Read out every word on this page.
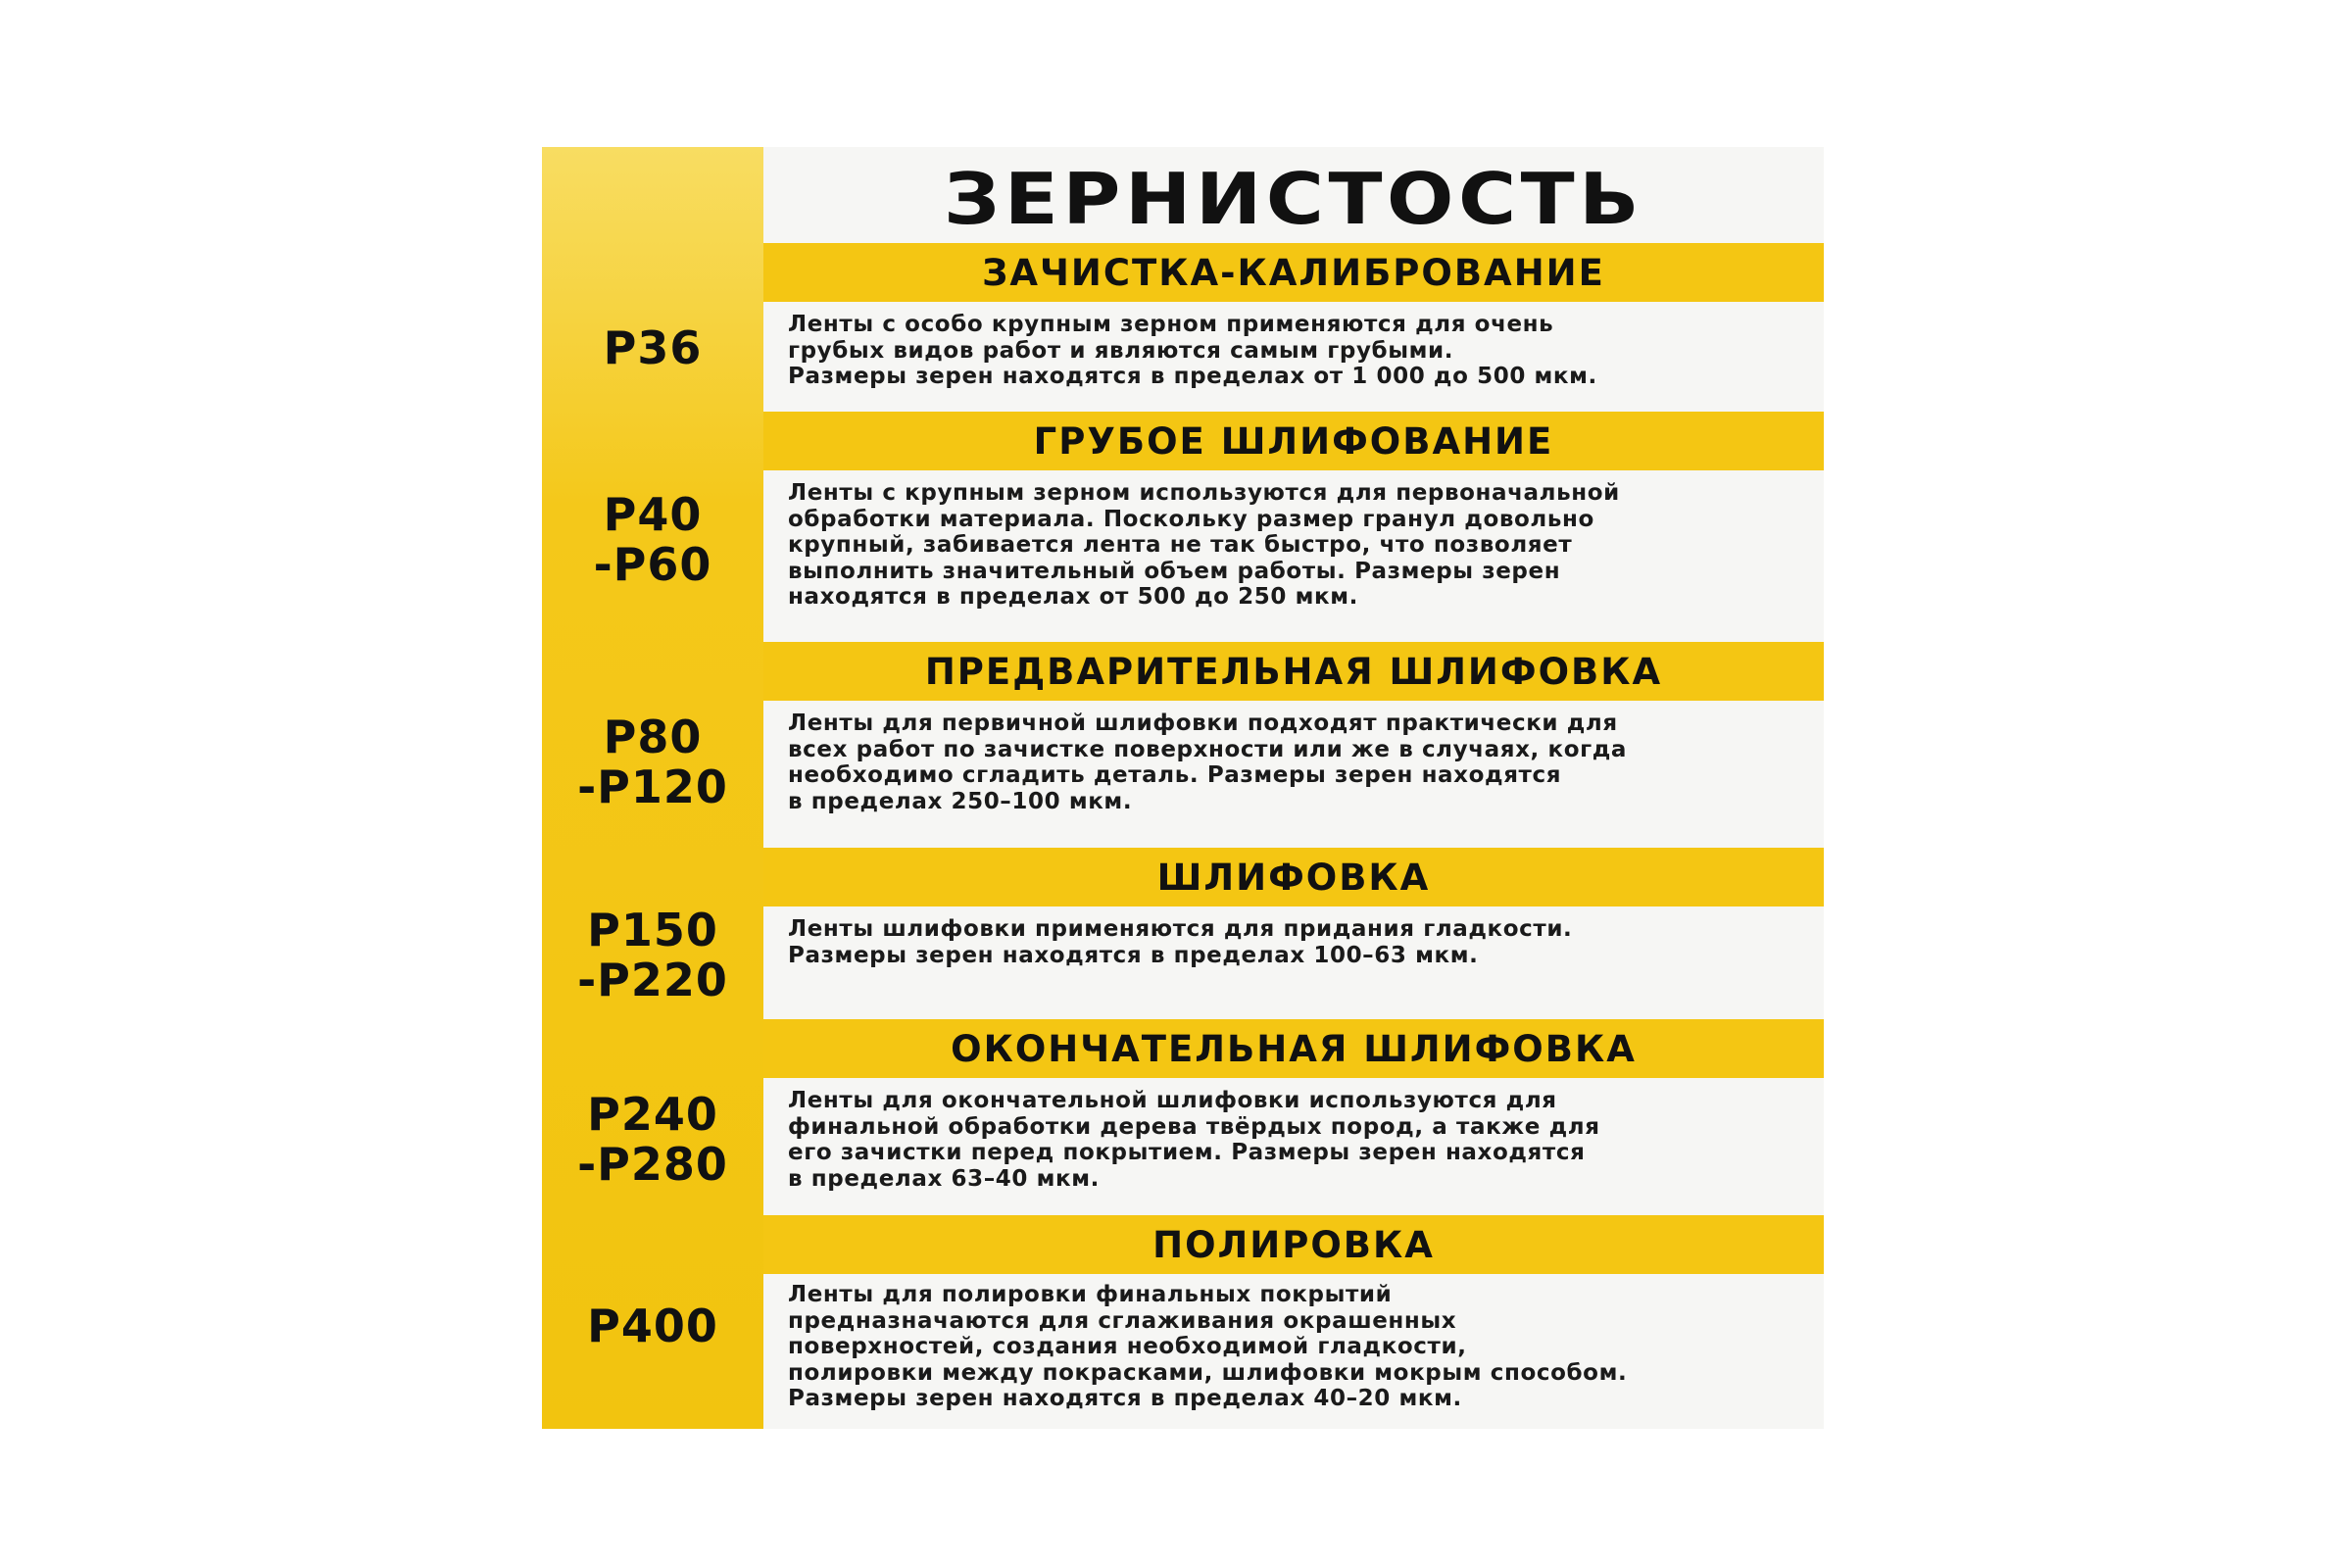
ЗЕРНИСТОСТЬ
ЗАЧИСТКА-КАЛИБРОВАНИЕ
P36	Ленты с особо крупным зерном применяются для очень
грубых видов работ и являются самым грубыми.
Размеры зерен находятся в пределах от 1 000 до 500 мкм.
ГРУБОЕ ШЛИФОВАНИЕ
P40
-P60
Ленты с крупным зерном используются для первоначальной
обработки материала. Поскольку размер гранул довольно
крупный, забивается лента не так быстро, что позволяет
выполнить значительный объем работы. Размеры зерен
находятся в пределах от 500 до 250 мкм.
ПРЕДВАРИТЕЛЬНАЯ ШЛИФОВКА
P80
-P120
Ленты для первичной шлифовки подходят практически для
всех работ по зачистке поверхности или же в случаях, когда
необходимо сгладить деталь. Размеры зерен находятся
в пределах 250–100 мкм.
ШЛИФОВКА
P150
-P220
Ленты шлифовки применяются для придания гладкости.
Размеры зерен находятся в пределах 100–63 мкм.
ОКОНЧАТЕЛЬНАЯ ШЛИФОВКА
P240
-P280
Ленты для окончательной шлифовки используются для
финальной обработки дерева твёрдых пород, а также для
его зачистки перед покрытием. Размеры зерен находятся
в пределах 63–40 мкм.
ПОЛИРОВКА
P400
Ленты для полировки финальных покрытий
предназначаются для сглаживания окрашенных
поверхностей, создания необходимой гладкости,
полировки между покрасками, шлифовки мокрым способом.
Размеры зерен находятся в пределах 40–20 мкм.
